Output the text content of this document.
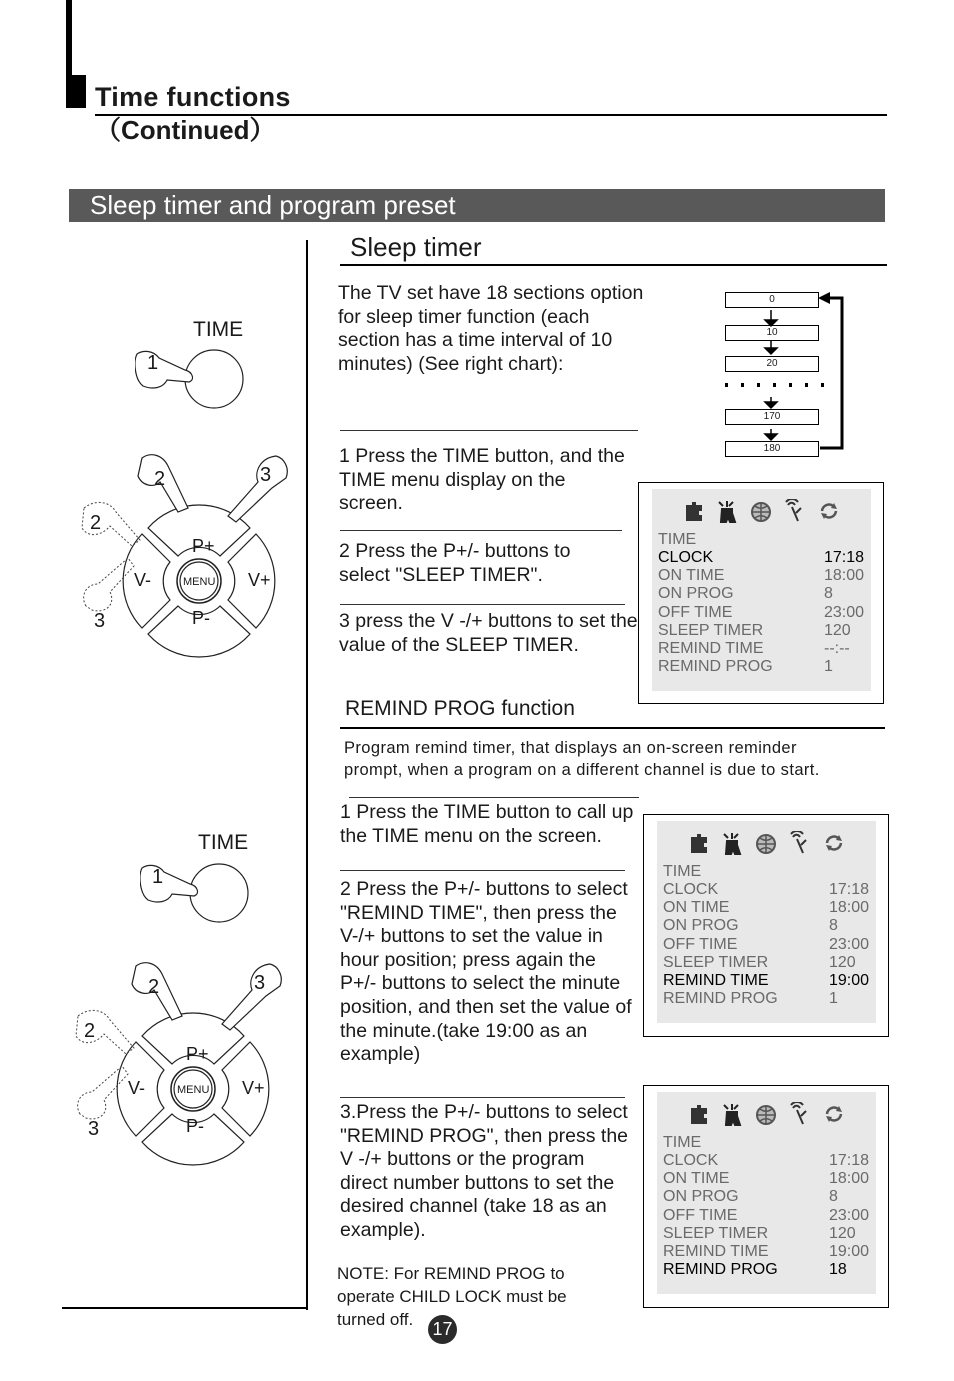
Time functions
（Continued）
Sleep timer and program preset
Sleep timer
The TV set have 18 sections option for sleep timer function (each section has a time interval of 10 minutes) (See right chart):
0
10
20
170
180
1 Press the TIME button, and the TIME menu display on the screen.
2 Press the P+/- buttons to select "SLEEP TIMER".
3 press the V -/+ buttons to set the value of the SLEEP TIMER.
TIME
CLOCK	17:18
ON TIME	18:00
ON PROG	8
OFF TIME	23:00
SLEEP TIMER	120
REMIND TIME	--:--
REMIND PROG	1
REMIND PROG function
Program remind timer, that displays an on-screen reminder
prompt, when a program on a different channel is due to start.
1 Press the TIME button to call up the TIME menu on the screen.
2 Press the P+/- buttons to select "REMIND TIME", then press the V-/+ buttons to set the value in hour position; press again the P+/- buttons to select the minute position, and then set the value of the minute.(take 19:00 as an example)
3.Press the P+/- buttons to select "REMIND PROG", then press the V -/+ buttons or the program direct number buttons to set the desired channel (take 18 as an example).
TIME
CLOCK	17:18
ON TIME	18:00
ON PROG	8
OFF TIME	23:00
SLEEP TIMER	120
REMIND TIME	19:00
REMIND PROG	1
TIME
CLOCK	17:18
ON TIME	18:00
ON PROG	8
OFF TIME	23:00
SLEEP TIMER	120
REMIND TIME	19:00
REMIND PROG	18
NOTE: For REMIND PROG to operate CHILD LOCK must be turned off.	17
TIME
TIME
P+
P-
V-	V+
MENU
2	3
2
3
1
P+
P-
V-	V+
MENU
2	3
2
3
1
